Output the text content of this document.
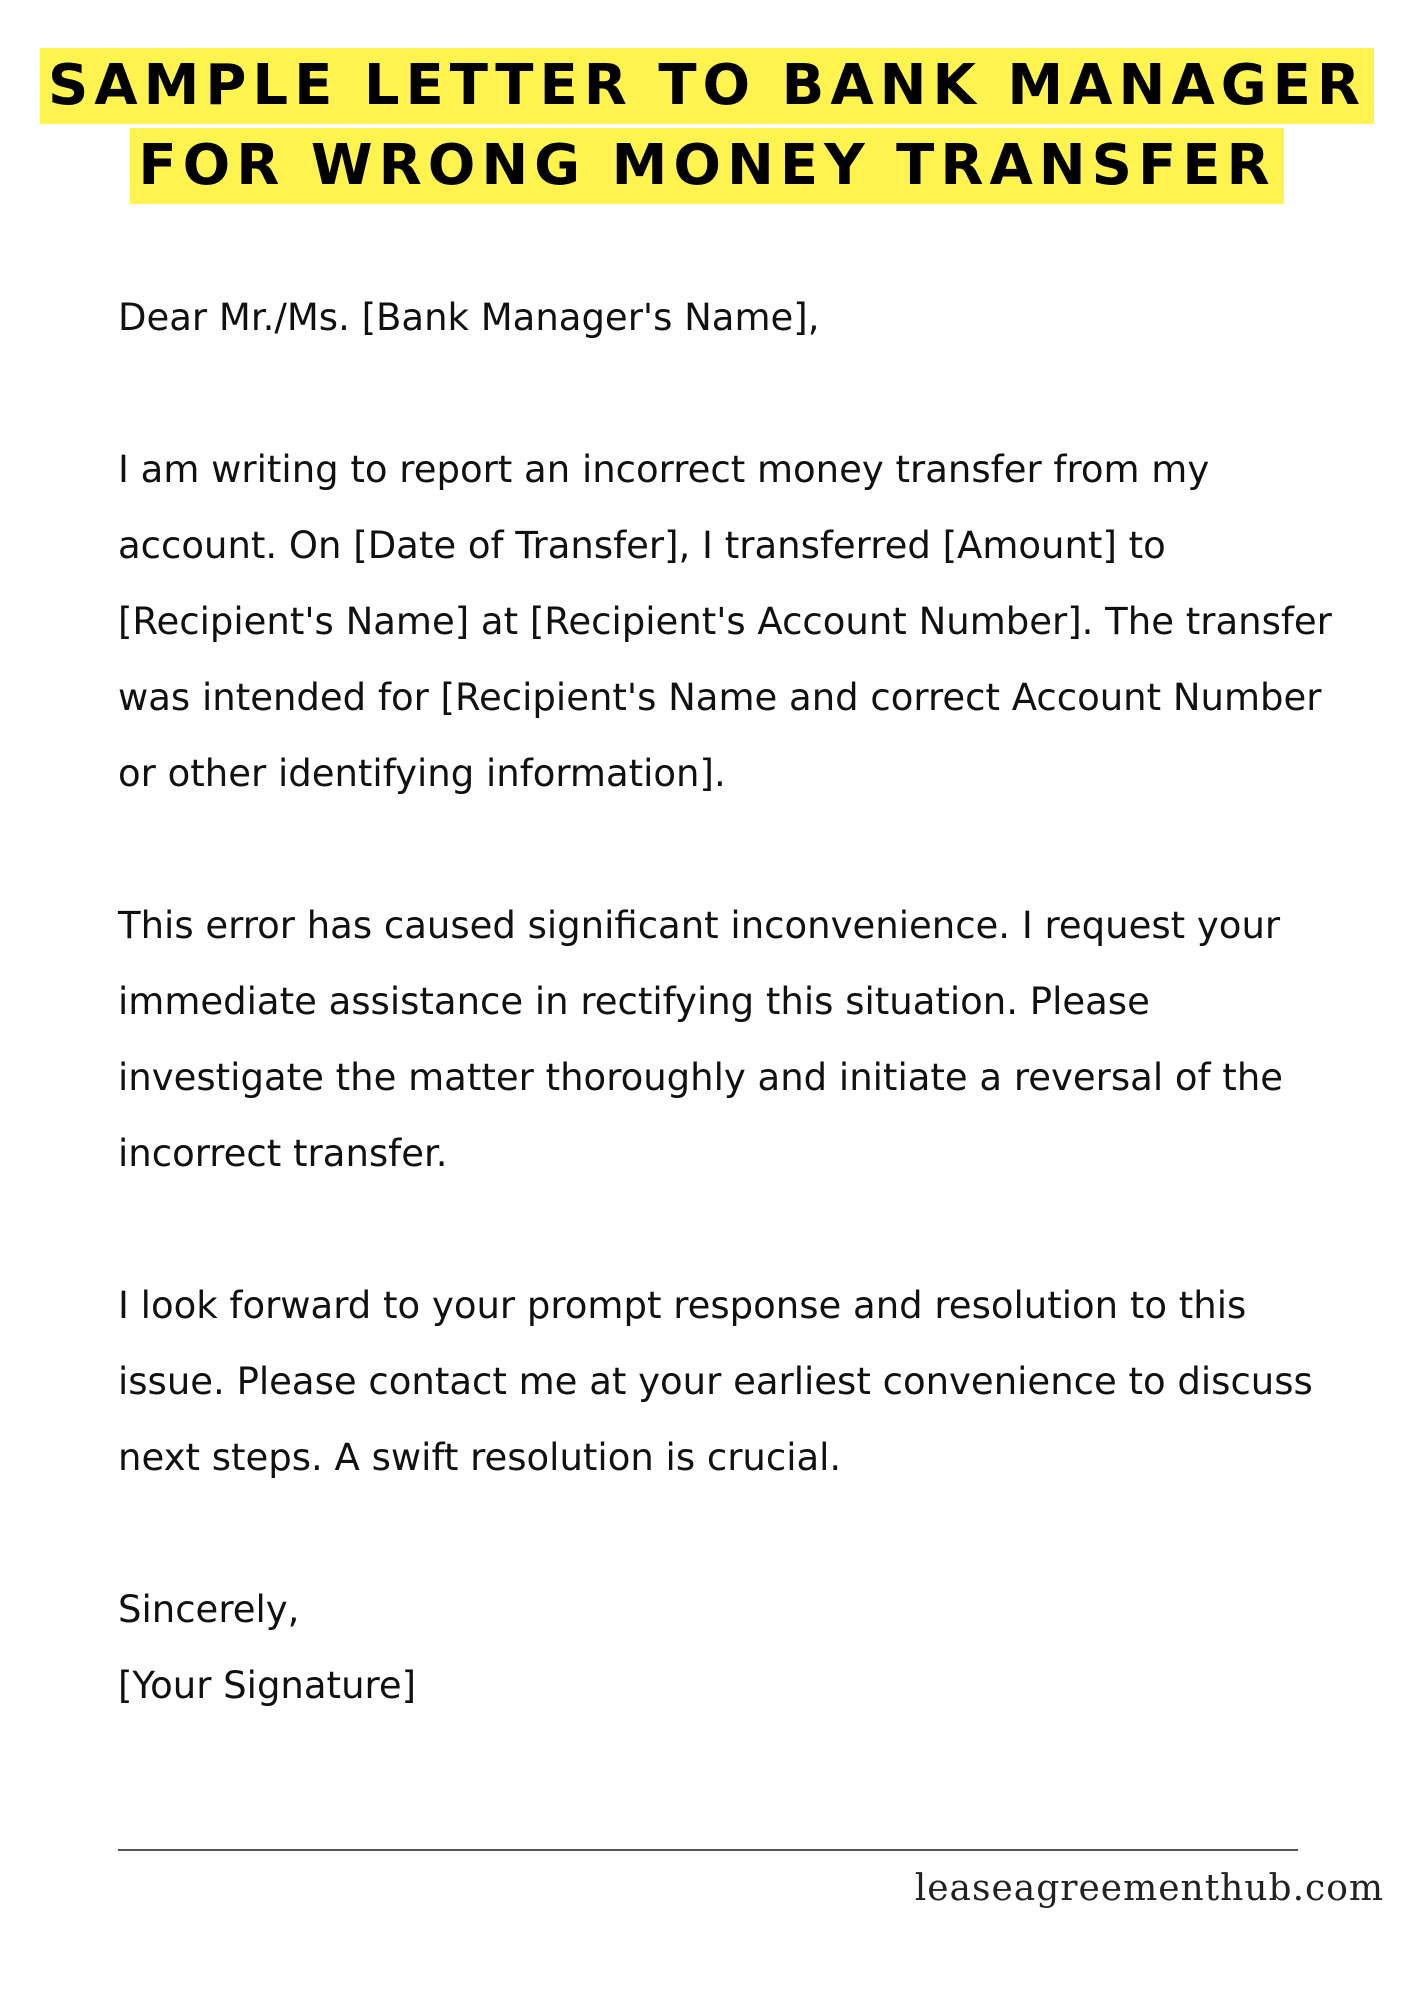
SAMPLE LETTER TO BANK MANAGER
FOR WRONG MONEY TRANSFER

Dear Mr./Ms. [Bank Manager's Name],

I am writing to report an incorrect money transfer from my account. On [Date of Transfer], I transferred [Amount] to [Recipient's Name] at [Recipient's Account Number]. The transfer was intended for [Recipient's Name and correct Account Number or other identifying information].

This error has caused significant inconvenience. I request your immediate assistance in rectifying this situation. Please investigate the matter thoroughly and initiate a reversal of the incorrect transfer.

I look forward to your prompt response and resolution to this issue. Please contact me at your earliest convenience to discuss next steps. A swift resolution is crucial.

Sincerely,

[Your Signature]

leaseagreementhub.com
